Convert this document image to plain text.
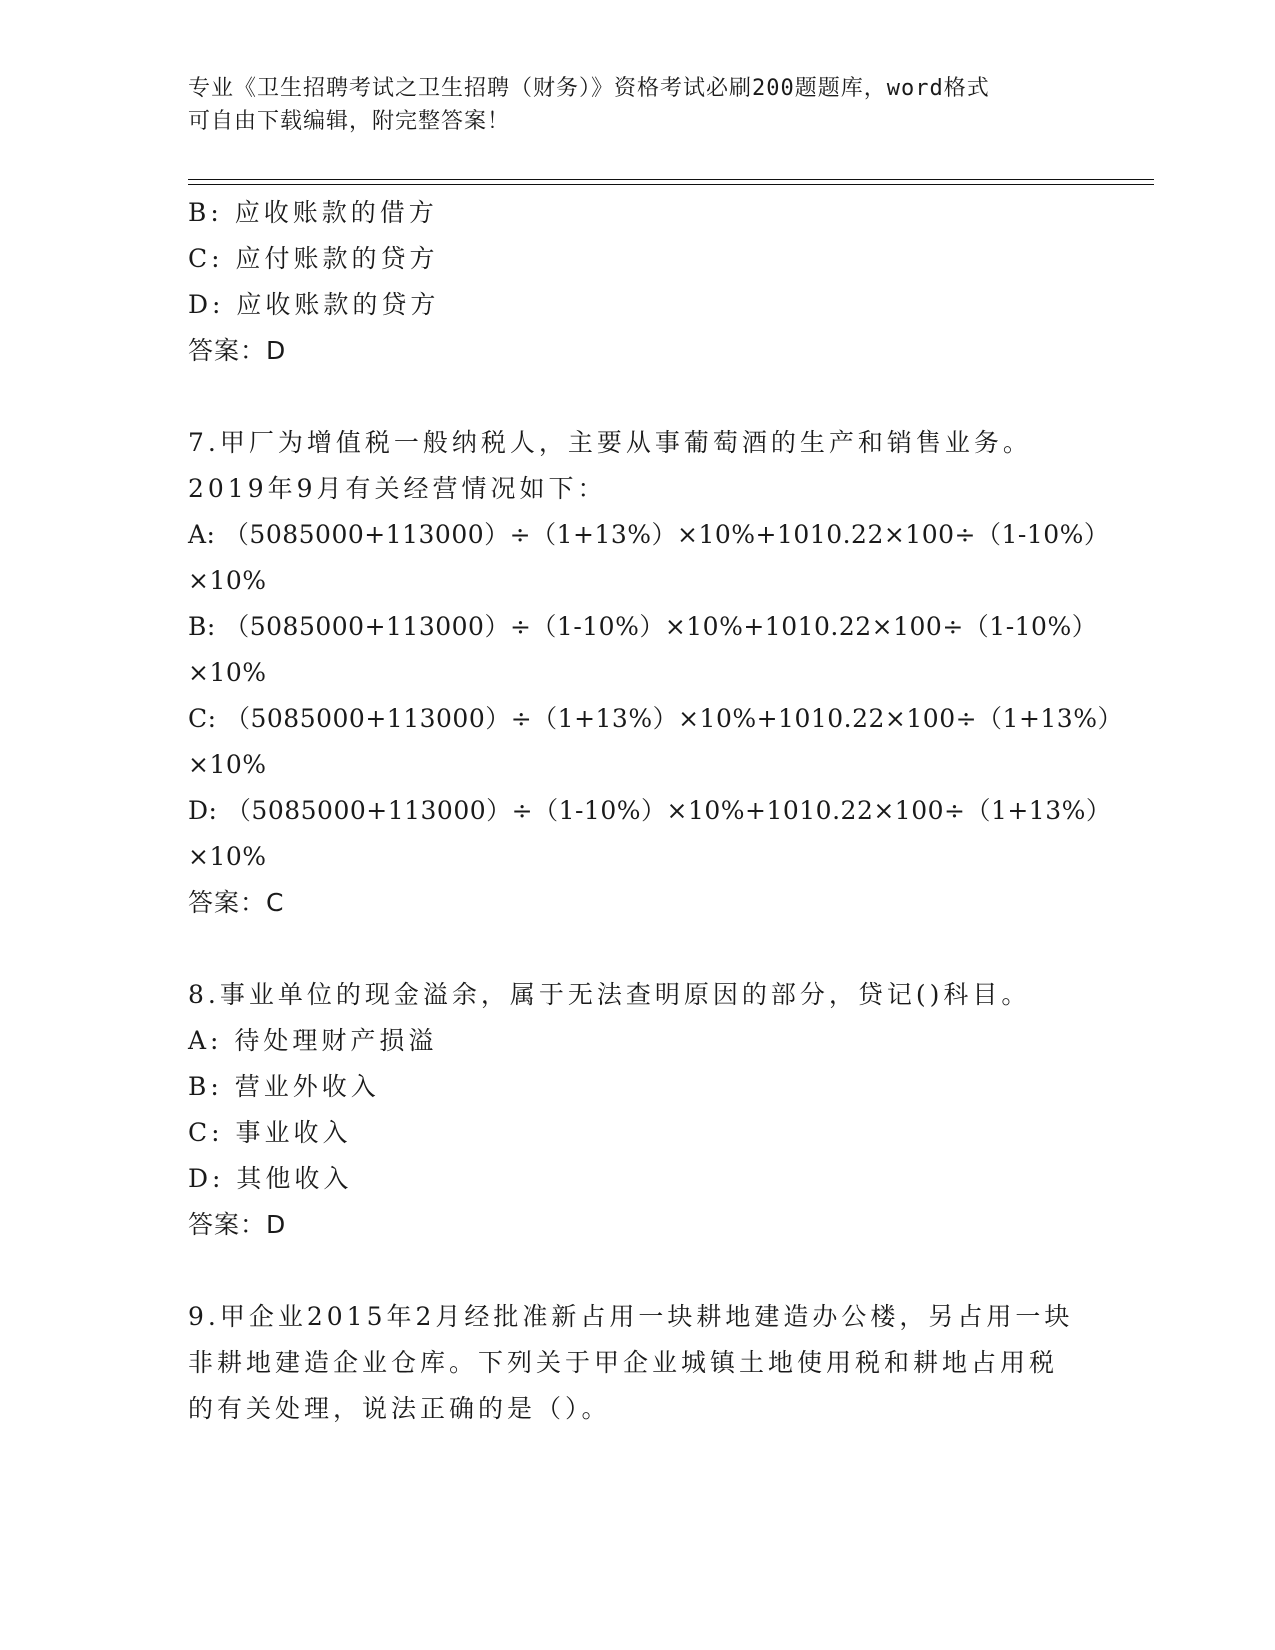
专业《卫生招聘考试之卫生招聘（财务）》资格考试必刷200题题库，word格式
可自由下载编辑，附完整答案！
B: 应收账款的借方
C: 应付账款的贷方
D: 应收账款的贷方
答案：D
7.甲厂为增值税一般纳税人，主要从事葡萄酒的生产和销售业务。
2019年9月有关经营情况如下：
A: （5085000+113000）÷（1+13%）×10%+1010.22×100÷（1-10%）
×10%
B: （5085000+113000）÷（1-10%）×10%+1010.22×100÷（1-10%）
×10%
C: （5085000+113000）÷（1+13%）×10%+1010.22×100÷（1+13%）
×10%
D: （5085000+113000）÷（1-10%）×10%+1010.22×100÷（1+13%）
×10%
答案：C
8.事业单位的现金溢余，属于无法查明原因的部分，贷记()科目。
A: 待处理财产损溢
B: 营业外收入
C: 事业收入
D: 其他收入
答案：D
9.甲企业2015年2月经批准新占用一块耕地建造办公楼，另占用一块
非耕地建造企业仓库。下列关于甲企业城镇土地使用税和耕地占用税
的有关处理，说法正确的是（）。
